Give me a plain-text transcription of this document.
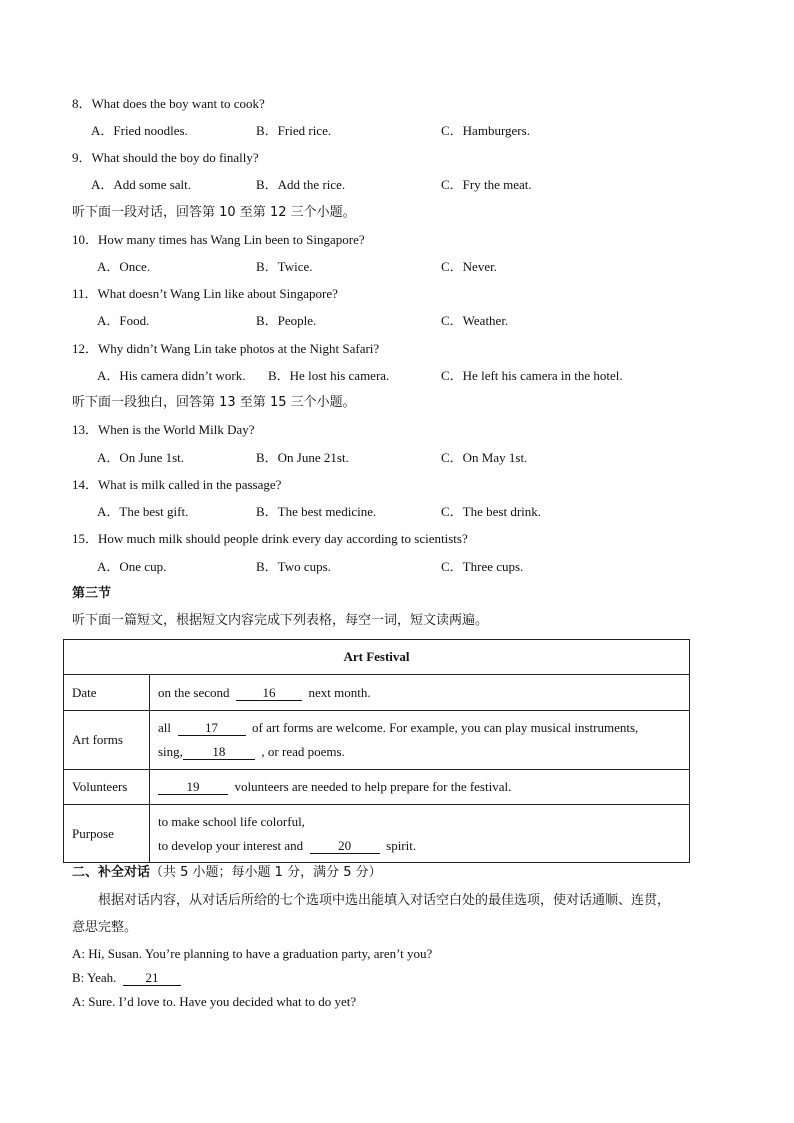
8．What does the boy want to cook?
A．Fried noodles.	B．Fried rice.	C．Hamburgers.
9．What should the boy do finally?
A．Add some salt.	B．Add the rice.	C．Fry the meat.
听下面一段对话，回答第 10 至第 12 三个小题。
10．How many times has Wang Lin been to Singapore?
A．Once.	B．Twice.	C．Never.
11．What doesn’t Wang Lin like about Singapore?
A．Food.	B．People.	C．Weather.
12．Why didn’t Wang Lin take photos at the Night Safari?
A．His camera didn’t work. B．He lost his camera.	C．He left his camera in the hotel.
听下面一段独白，回答第 13 至第 15 三个小题。
13．When is the World Milk Day?
A．On June 1st.	B．On June 21st.	C．On May 1st.
14．What is milk called in the passage?
A．The best gift.	B．The best medicine.	C．The best drink.
15．How much milk should people drink every day according to scientists?
A．One cup.	B．Two cups.	C．Three cups.
第三节
听下面一篇短文，根据短文内容完成下列表格，每空一词，短文读两遍。
Art Festival	
Date	on the second 16 next month.
Art forms	all 17 of art forms are welcome. For example, you can play musical instruments,
sing, 18 , or read poems.

Volunteers	19 volunteers are needed to help prepare for the festival.
Purpose	to make school life colorful,
to develop your interest and 20 spirit.
二、补全对话（共 5 小题；每小题 1 分，满分 5 分）
根据对话内容，从对话后所给的七个选项中选出能填入对话空白处的最佳选项，使对话通顺、连贯，
意思完整。
A: Hi, Susan. You’re planning to have a graduation party, aren’t you?
B: Yeah. 21
A: Sure. I’d love to. Have you decided what to do yet?
